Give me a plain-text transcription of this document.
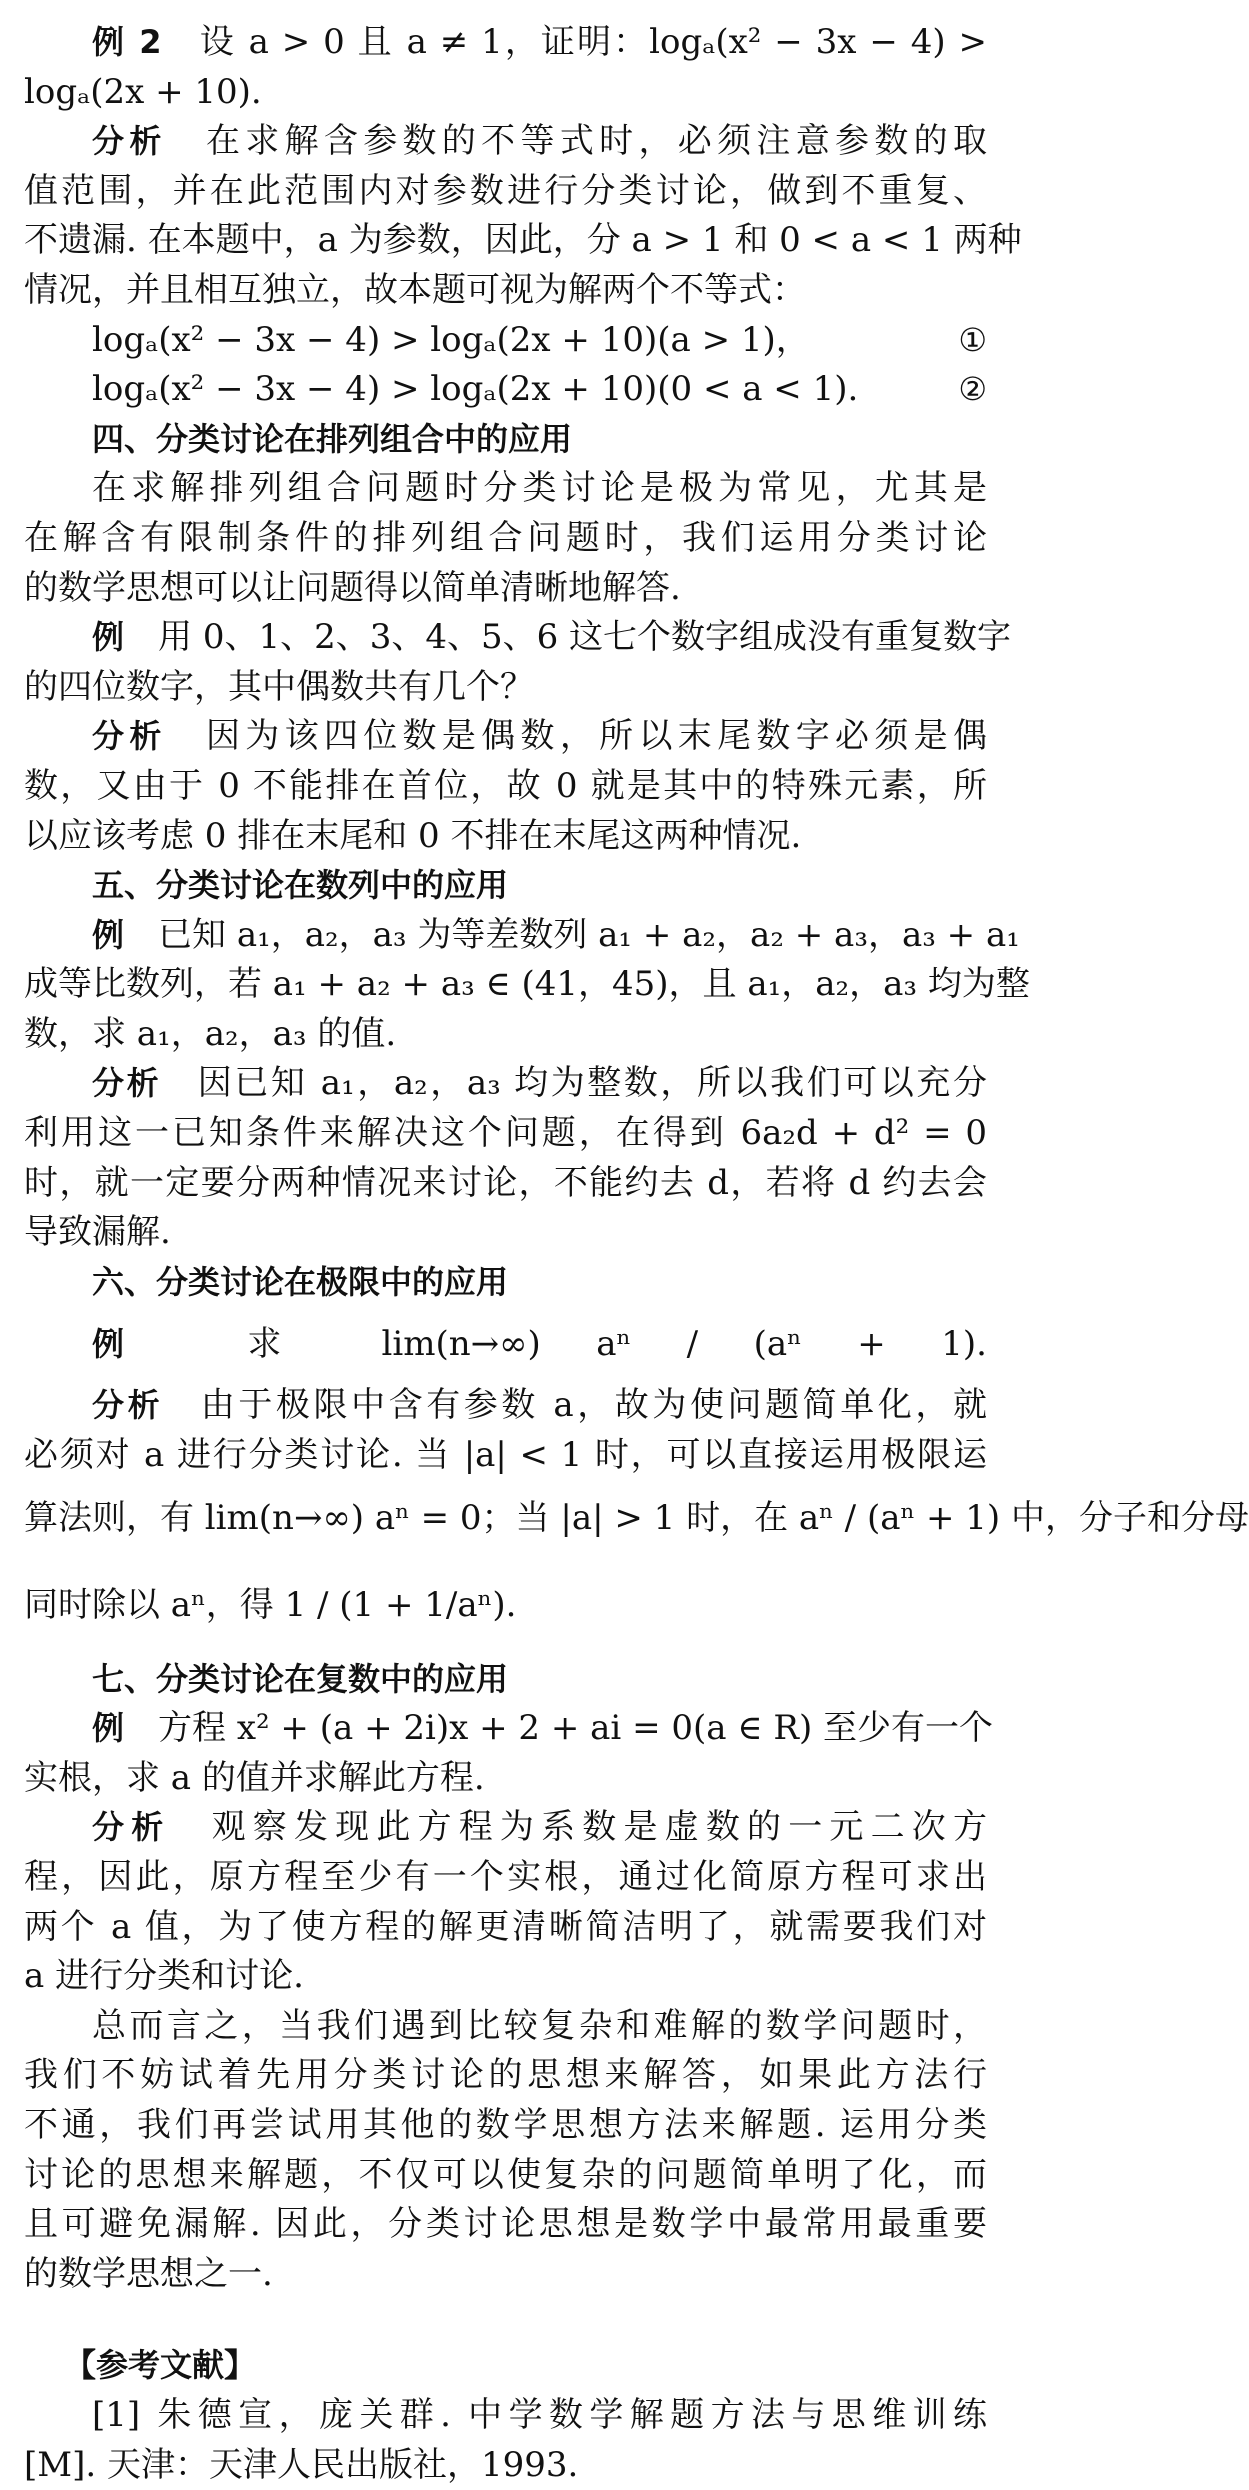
例 2　设 a > 0 且 a ≠ 1，证明：logₐ(x² − 3x − 4) >
logₐ(2x + 10).
分析　在求解含参数的不等式时，必须注意参数的取
值范围，并在此范围内对参数进行分类讨论，做到不重复、
不遗漏. 在本题中，a 为参数，因此，分 a > 1 和 0 < a < 1 两种
情况，并且相互独立，故本题可视为解两个不等式：
logₐ(x² − 3x − 4) > logₐ(2x + 10)(a > 1)，	①
logₐ(x² − 3x − 4) > logₐ(2x + 10)(0 < a < 1).	②
四、分类讨论在排列组合中的应用
在求解排列组合问题时分类讨论是极为常见，尤其是
在解含有限制条件的排列组合问题时，我们运用分类讨论
的数学思想可以让问题得以简单清晰地解答.
例　用 0、1、2、3、4、5、6 这七个数字组成没有重复数字
的四位数字，其中偶数共有几个？
分析　因为该四位数是偶数，所以末尾数字必须是偶
数，又由于 0 不能排在首位，故 0 就是其中的特殊元素，所
以应该考虑 0 排在末尾和 0 不排在末尾这两种情况.
五、分类讨论在数列中的应用
例　已知 a₁，a₂，a₃ 为等差数列 a₁ + a₂，a₂ + a₃，a₃ + a₁
成等比数列，若 a₁ + a₂ + a₃ ∈ (41，45)，且 a₁，a₂，a₃ 均为整
数，求 a₁，a₂，a₃ 的值.
分析　因已知 a₁，a₂，a₃ 均为整数，所以我们可以充分
利用这一已知条件来解决这个问题，在得到 6a₂d + d² = 0
时，就一定要分两种情况来讨论，不能约去 d，若将 d 约去会
导致漏解.
六、分类讨论在极限中的应用
例　求 lim(n→∞) aⁿ / (aⁿ + 1).
分析　由于极限中含有参数 a，故为使问题简单化，就
必须对 a 进行分类讨论. 当 |a| < 1 时，可以直接运用极限运
算法则，有 lim(n→∞) aⁿ = 0；当 |a| > 1 时，在 aⁿ / (aⁿ + 1) 中，分子和分母
同时除以 aⁿ，得 1 / (1 + 1/aⁿ).
七、分类讨论在复数中的应用
例　方程 x² + (a + 2i)x + 2 + ai = 0(a ∈ R) 至少有一个
实根，求 a 的值并求解此方程.
分析　观察发现此方程为系数是虚数的一元二次方
程，因此，原方程至少有一个实根，通过化简原方程可求出
两个 a 值，为了使方程的解更清晰简洁明了，就需要我们对
a 进行分类和讨论.
总而言之，当我们遇到比较复杂和难解的数学问题时，
我们不妨试着先用分类讨论的思想来解答，如果此方法行
不通，我们再尝试用其他的数学思想方法来解题. 运用分类
讨论的思想来解题，不仅可以使复杂的问题简单明了化，而
且可避免漏解. 因此，分类讨论思想是数学中最常用最重要
的数学思想之一.
【参考文献】
[1] 朱德宣，庞关群. 中学数学解题方法与思维训练
[M]. 天津：天津人民出版社，1993.
